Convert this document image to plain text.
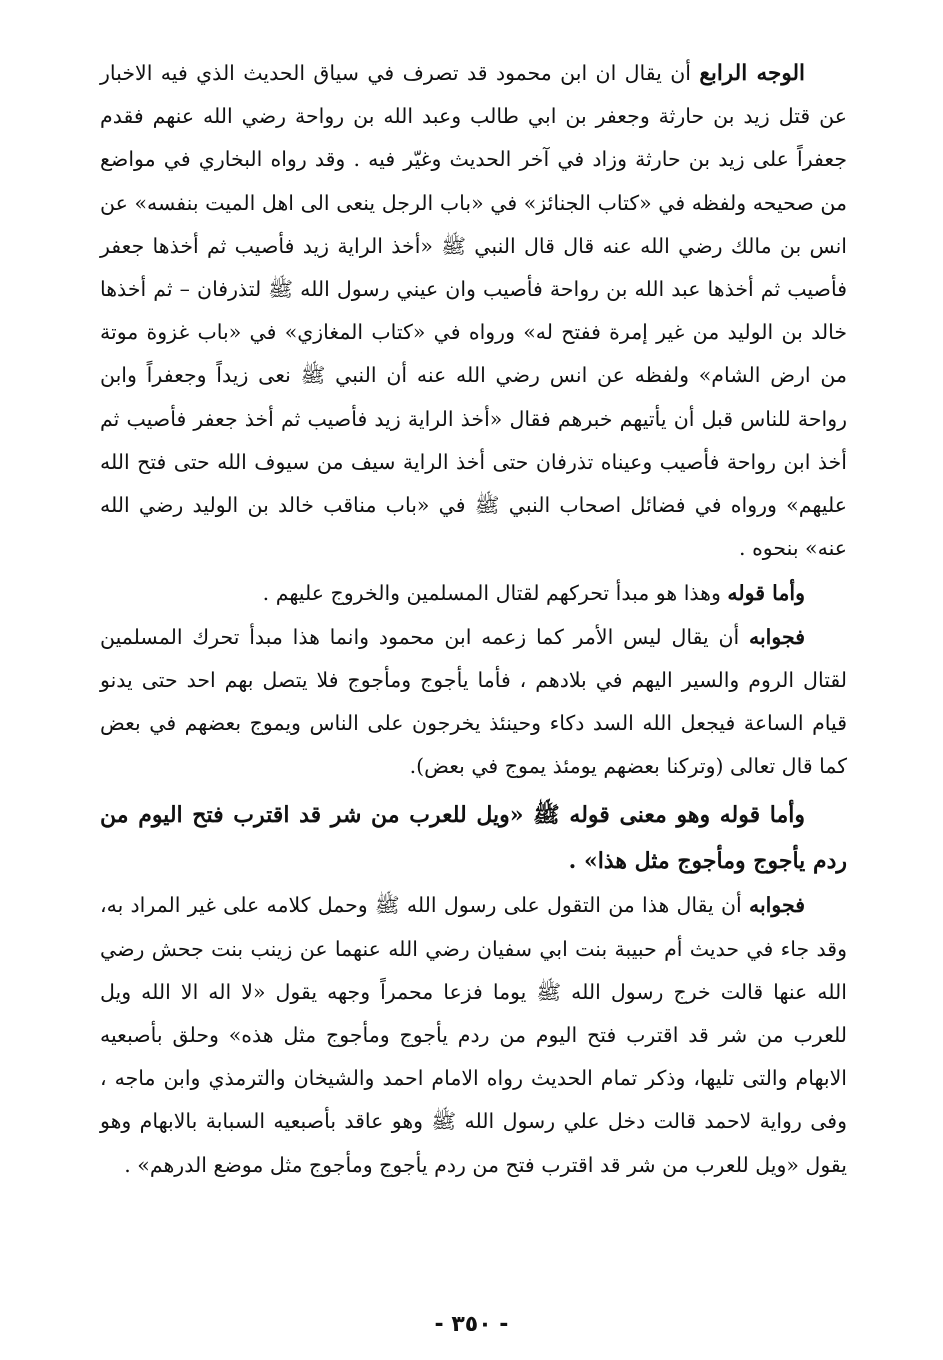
الوجه الرابع أن يقال ان ابن محمود قد تصرف في سياق الحديث الذي فيه الاخبار عن قتل زيد بن حارثة وجعفر بن ابي طالب وعبد الله بن رواحة رضي الله عنهم فقدم جعفراً على زيد بن حارثة وزاد في آخر الحديث وغيّر فيه . وقد رواه البخاري في مواضع من صحيحه ولفظه في «كتاب الجنائز» في «باب الرجل ينعى الى اهل الميت بنفسه» عن انس بن مالك رضي الله عنه قال قال النبي ﷺ «أخذ الراية زيد فأصيب ثم أخذها جعفر فأصيب ثم أخذها عبد الله بن رواحة فأصيب وان عيني رسول الله ﷺ لتذرفان – ثم أخذها خالد بن الوليد من غير إمرة ففتح له» ورواه في «كتاب المغازي» في «باب غزوة موتة من ارض الشام» ولفظه عن انس رضي الله عنه أن النبي ﷺ نعى زيداً وجعفراً وابن رواحة للناس قبل أن يأتيهم خبرهم فقال «أخذ الراية زيد فأصيب ثم أخذ جعفر فأصيب ثم أخذ ابن رواحة فأصيب وعيناه تذرفان حتى أخذ الراية سيف من سيوف الله حتى فتح الله عليهم» ورواه في فضائل اصحاب النبي ﷺ في «باب مناقب خالد بن الوليد رضي الله عنه» بنحوه .

وأما قوله وهذا هو مبدأ تحركهم لقتال المسلمين والخروج عليهم .

فجوابه أن يقال ليس الأمر كما زعمه ابن محمود وانما هذا مبدأ تحرك المسلمين لقتال الروم والسير اليهم في بلادهم ، فأما يأجوج ومأجوج فلا يتصل بهم احد حتى يدنو قيام الساعة فيجعل الله السد دكاء وحينئذ يخرجون على الناس ويموج بعضهم في بعض كما قال تعالى (وتركنا بعضهم يومئذ يموج في بعض).

وأما قوله وهو معنى قوله ﷺ «ويل للعرب من شر قد اقترب فتح اليوم من ردم يأجوج ومأجوج مثل هذا» .

فجوابه أن يقال هذا من التقول على رسول الله ﷺ وحمل كلامه على غير المراد به، وقد جاء في حديث أم حبيبة بنت ابي سفيان رضي الله عنهما عن زينب بنت جحش رضي الله عنها قالت خرج رسول الله ﷺ يوما فزعا محمراً وجهه يقول «لا اله الا الله ويل للعرب من شر قد اقترب فتح اليوم من ردم يأجوج ومأجوج مثل هذه» وحلق بأصبعيه الابهام والتى تليها، وذكر تمام الحديث رواه الامام احمد والشيخان والترمذي وابن ماجه ، وفى رواية لاحمد قالت دخل علي رسول الله ﷺ وهو عاقد بأصبعيه السبابة بالابهام وهو يقول «ويل للعرب من شر قد اقترب فتح من ردم يأجوج ومأجوج مثل موضع الدرهم» .

- ٣٥٠ -
